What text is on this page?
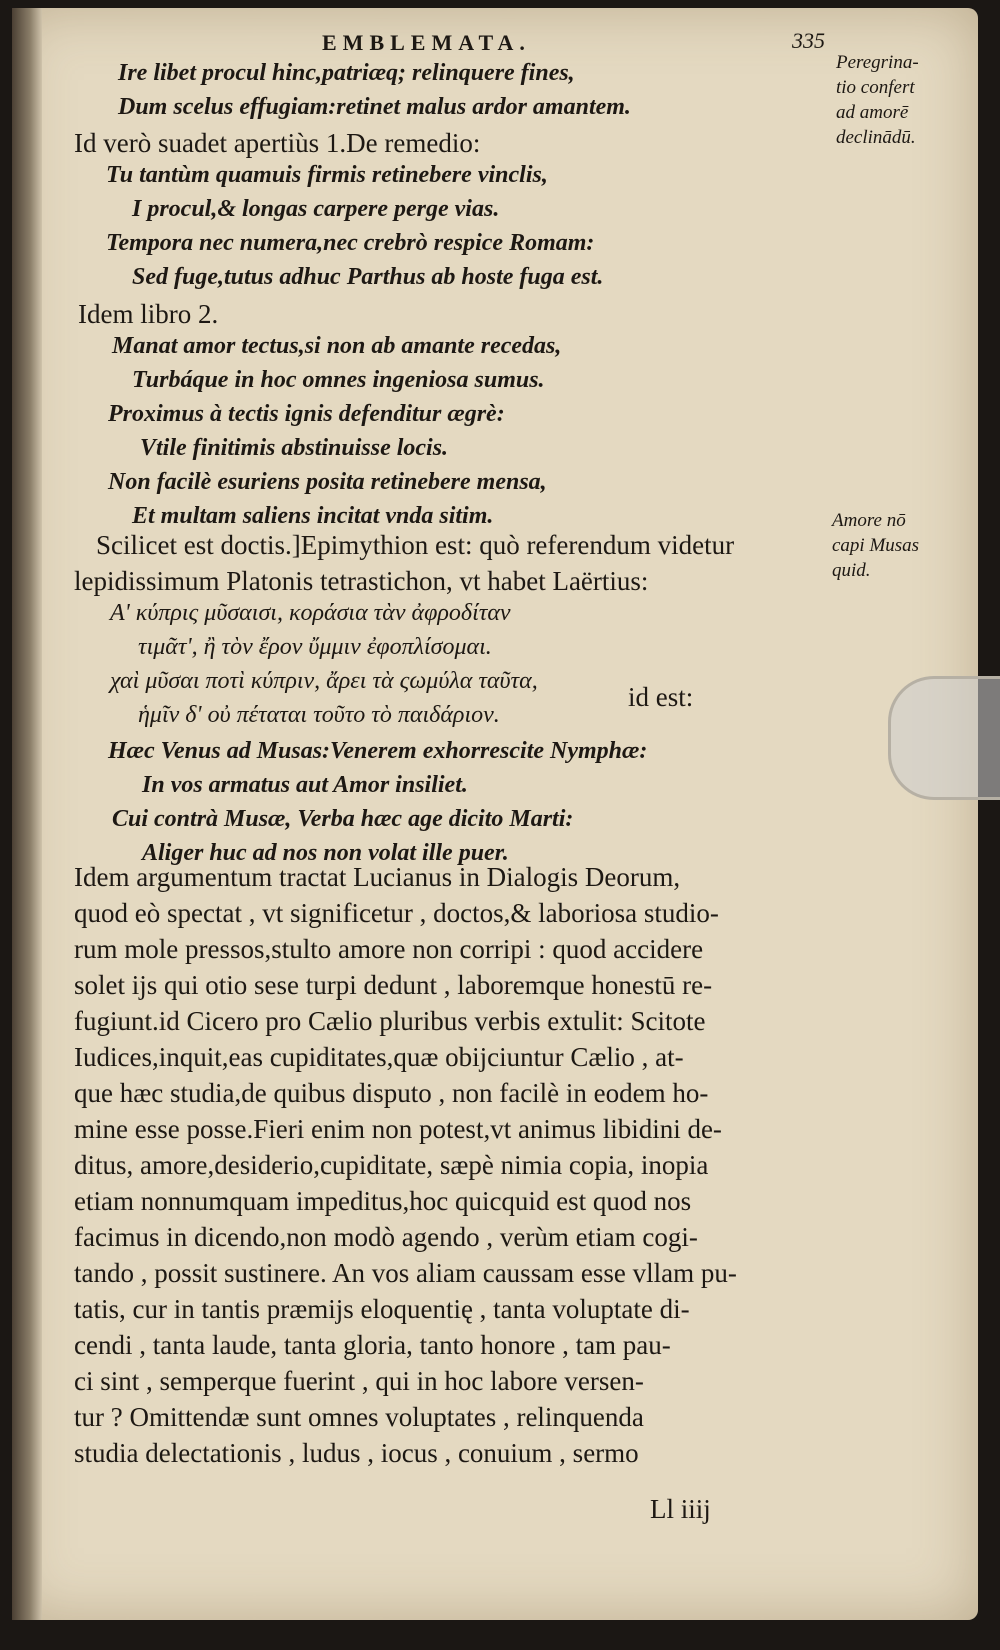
EMBLEMATA.	335
Ire libet procul hinc,patriæq; relinquere fines,
Dum scelus effugiam:retinet malus ardor amantem.
Id verò suadet apertiùs 1.De remedio:
Tu tantùm quamuis firmis retinebere vinclis,
I procul,& longas carpere perge vias.
Tempora nec numera,nec crebrò respice Romam:
Sed fuge,tutus adhuc Parthus ab hoste fuga est.
Idem libro 2.
Manat amor tectus,si non ab amante recedas,
Turbáque in hoc omnes ingeniosa sumus.
Proximus à tectis ignis defenditur ægrè:
Vtile finitimis abstinuisse locis.
Non facilè esuriens posita retinebere mensa,
Et multam saliens incitat vnda sitim.
Scilicet est doctis.]Epimythion est: quò referendum videtur
lepidissimum Platonis tetrastichon, vt habet Laërtius:
Α' κύπρις μῦσαισι, κοράσια τὰν ἀφροδίταν
τιμᾶτ', ἢ τὸν ἔρον ὔμμιν ἐφοπλίσομαι.
χαὶ μῦσαι ποτὶ κύπριν, ἄρει τὰ ςωμύλα ταῦτα,
ἡμῖν δ' οὐ πέταται τοῦτο τὸ παιδάριον.
id est:
Hæc Venus ad Musas:Venerem exhorrescite Nymphæ:
In vos armatus aut Amor insiliet.
Cui contrà Musæ, Verba hæc age dicito Marti:
Aliger huc ad nos non volat ille puer.
Idem argumentum tractat Lucianus in Dialogis Deorum,
quod eò spectat , vt significetur , doctos,& laboriosa studio-
rum mole pressos,stulto amore non corripi : quod accidere
solet ijs qui otio sese turpi dedunt , laboremque honestū re-
fugiunt.id Cicero pro Cælio pluribus verbis extulit: Scitote
Iudices,inquit,eas cupiditates,quæ obijciuntur Cælio , at-
que hæc studia,de quibus disputo , non facilè in eodem ho-
mine esse posse.Fieri enim non potest,vt animus libidini de-
ditus, amore,desiderio,cupiditate, sæpè nimia copia, inopia
etiam nonnumquam impeditus,hoc quicquid est quod nos
facimus in dicendo,non modò agendo , verùm etiam cogi-
tando , possit sustinere. An vos aliam caussam esse vllam pu-
tatis, cur in tantis præmijs eloquentię , tanta voluptate di-
cendi , tanta laude, tanta gloria, tanto honore , tam pau-
ci sint , semperque fuerint , qui in hoc labore versen-
tur ? Omittendæ sunt omnes voluptates , relinquenda
studia delectationis , ludus , iocus , conuium , sermo
Ll iiij
Peregrina-
tio confert
ad amorē
declinādū.
Amore nō
capi Musas
quid.
